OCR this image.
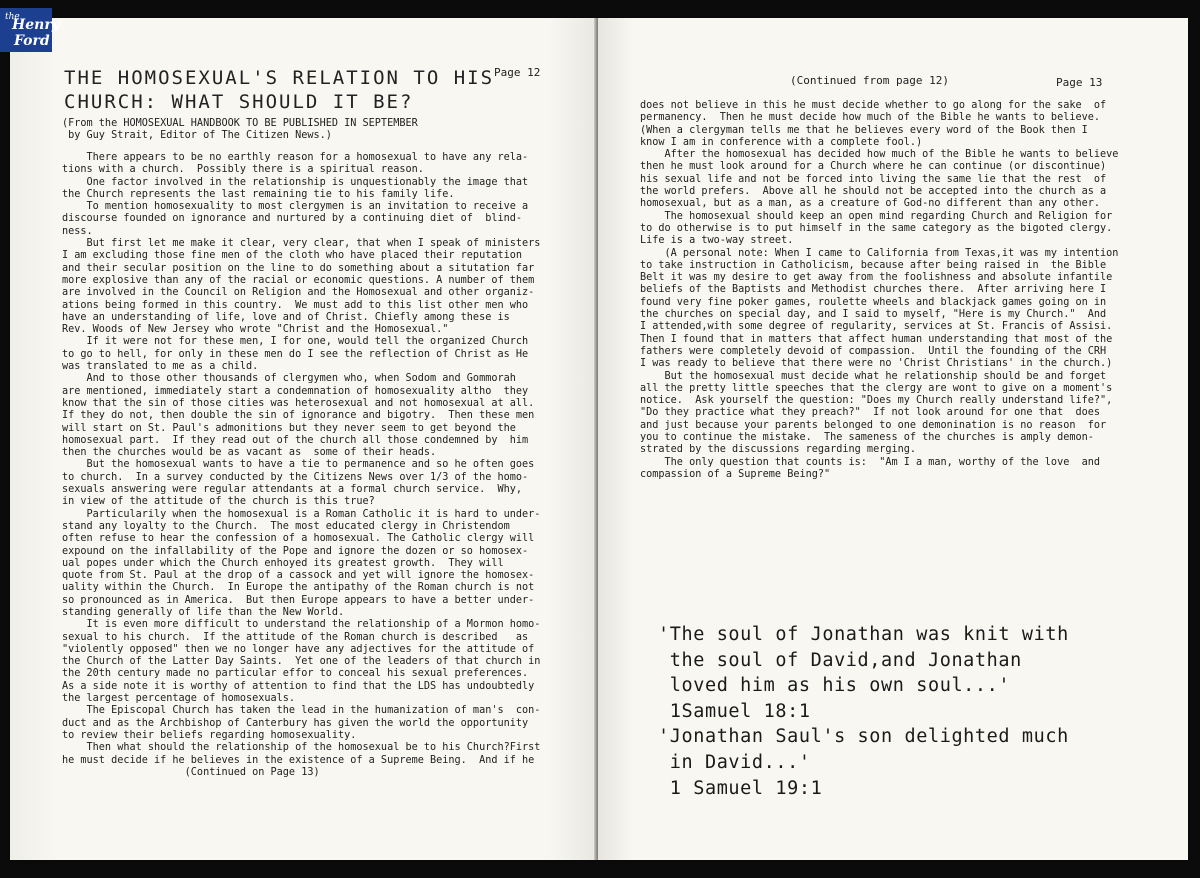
the
Henry
Ford
THE HOMOSEXUAL'S RELATION TO HIS
CHURCH: WHAT SHOULD IT BE?
Page 12
(From the HOMOSEXUAL HANDBOOK TO BE PUBLISHED IN SEPTEMBER
by Guy Strait, Editor of The Citizen News.)
There appears to be no earthly reason for a homosexual to have any rela-
tions with a church.  Possibly there is a spiritual reason.
One factor involved in the relationship is unquestionably the image that
the Church represents the last remaining tie to his family life.
To mention homosexuality to most clergymen is an invitation to receive a
discourse founded on ignorance and nurtured by a continuing diet of  blind-
ness.
But first let me make it clear, very clear, that when I speak of ministers
I am excluding those fine men of the cloth who have placed their reputation
and their secular position on the line to do something about a situtation far
more explosive than any of the racial or economic questions. A number of them
are involved in the Council on Religion and the Homosexual and other organiz-
ations being formed in this country.  We must add to this list other men who
have an understanding of life, love and of Christ. Chiefly among these is
Rev. Woods of New Jersey who wrote "Christ and the Homosexual."
If it were not for these men, I for one, would tell the organized Church
to go to hell, for only in these men do I see the reflection of Christ as He
was translated to me as a child.
And to those other thousands of clergymen who, when Sodom and Gommorah
are mentioned, immediately start a condemnation of homosexuality altho  they
know that the sin of those cities was heterosexual and not homosexual at all.
If they do not, then double the sin of ignorance and bigotry.  Then these men
will start on St. Paul's admonitions but they never seem to get beyond the
homosexual part.  If they read out of the church all those condemned by  him
then the churches would be as vacant as  some of their heads.
But the homosexual wants to have a tie to permanence and so he often goes
to church.  In a survey conducted by the Citizens News over 1/3 of the homo-
sexuals answering were regular attendants at a formal church service.  Why,
in view of the attitude of the church is this true?
Particularily when the homosexual is a Roman Catholic it is hard to under-
stand any loyalty to the Church.  The most educated clergy in Christendom
often refuse to hear the confession of a homosexual. The Catholic clergy will
expound on the infallability of the Pope and ignore the dozen or so homosex-
ual popes under which the Church enhoyed its greatest growth.  They will
quote from St. Paul at the drop of a cassock and yet will ignore the homosex-
uality within the Church.  In Europe the antipathy of the Roman church is not
so pronounced as in America.  But then Europe appears to have a better under-
standing generally of life than the New World.
It is even more difficult to understand the relationship of a Mormon homo-
sexual to his church.  If the attitude of the Roman church is described   as
"violently opposed" then we no longer have any adjectives for the attitude of
the Church of the Latter Day Saints.  Yet one of the leaders of that church in
the 20th century made no particular effor to conceal his sexual preferences.
As a side note it is worthy of attention to find that the LDS has undoubtedly
the largest percentage of homosexuals.
The Episcopal Church has taken the lead in the humanization of man's  con-
duct and as the Archbishop of Canterbury has given the world the opportunity
to review their beliefs regarding homosexuality.
Then what should the relationship of the homosexual be to his Church?First
he must decide if he believes in the existence of a Supreme Being.  And if he
(Continued on Page 13)
(Continued from page 12)	Page 13
does not believe in this he must decide whether to go along for the sake  of
permanency.  Then he must decide how much of the Bible he wants to believe.
(When a clergyman tells me that he believes every word of the Book then I
know I am in conference with a complete fool.)
After the homosexual has decided how much of the Bible he wants to believe
then he must look around for a Church where he can continue (or discontinue)
his sexual life and not be forced into living the same lie that the rest  of
the world prefers.  Above all he should not be accepted into the church as a
homosexual, but as a man, as a creature of God-no different than any other.
The homosexual should keep an open mind regarding Church and Religion for
to do otherwise is to put himself in the same category as the bigoted clergy.
Life is a two-way street.
(A personal note: When I came to California from Texas,it was my intention
to take instruction in Catholicism, because after being raised in  the Bible
Belt it was my desire to get away from the foolishness and absolute infantile
beliefs of the Baptists and Methodist churches there.  After arriving here I
found very fine poker games, roulette wheels and blackjack games going on in
the churches on special day, and I said to myself, "Here is my Church."  And
I attended,with some degree of regularity, services at St. Francis of Assisi.
Then I found that in matters that affect human understanding that most of the
fathers were completely devoid of compassion.  Until the founding of the CRH
I was ready to believe that there were no 'Christ Christians' in the church.)
But the homosexual must decide what he relationship should be and forget
all the pretty little speeches that the clergy are wont to give on a moment's
notice.  Ask yourself the question: "Does my Church really understand life?",
"Do they practice what they preach?"  If not look around for one that  does
and just because your parents belonged to one demonination is no reason  for
you to continue the mistake.  The sameness of the churches is amply demon-
strated by the discussions regarding merging.
The only question that counts is:  "Am I a man, worthy of the love  and
compassion of a Supreme Being?"
'The soul of Jonathan was knit with
the soul of David,and Jonathan
loved him as his own soul...'
1Samuel 18:1
'Jonathan Saul's son delighted much
in David...'
1 Samuel 19:1
